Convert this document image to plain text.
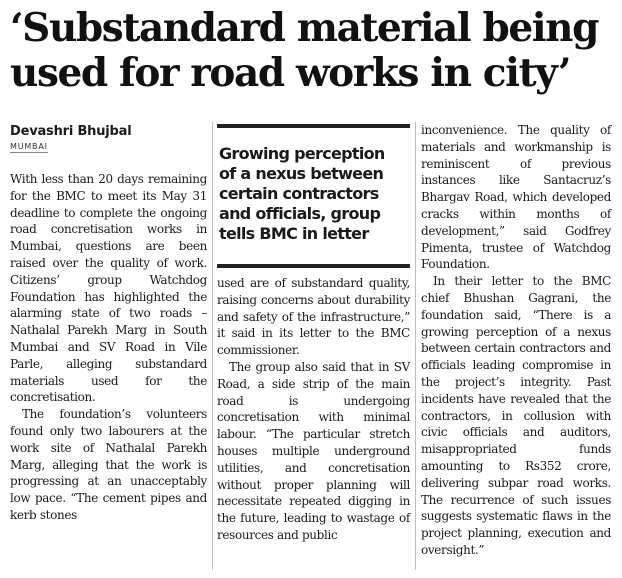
‘Substandard material being
used for road works in city’
Devashri Bhujbal
MUMBAI

With less than 20 days remaining for the BMC to meet its May 31 deadline to complete the ongoing road concretisation works in Mumbai, questions are been raised over the quality of work. Citizens’ group Watchdog Foundation has highlighted the alarming state of two roads – Nathalal Parekh Marg in South Mumbai and SV Road in Vile Parle, alleging substandard materials used for the concretisation.

The foundation’s volunteers found only two labourers at the work site of Nathalal Parekh Marg, alleging that the work is progressing at an unacceptably low pace. “The cement pipes and kerb stones

Growing perception
of a nexus between
certain contractors
and officials, group
tells BMC in letter

used are of substandard quality, raising concerns about durability and safety of the infrastructure,” it said in its letter to the BMC commissioner.

The group also said that in SV Road, a side strip of the main road is undergoing concretisation with minimal labour. “The particular stretch houses multiple underground utilities, and concretisation without proper planning will necessitate repeated digging in the future, leading to wastage of resources and public

inconvenience. The quality of materials and workmanship is reminiscent of previous instances like Santacruz’s Bhargav Road, which developed cracks within months of development,” said Godfrey Pimenta, trustee of Watchdog Foundation.

In their letter to the BMC chief Bhushan Gagrani, the foundation said, “There is a growing perception of a nexus between certain contractors and officials leading compromise in the project’s integrity. Past incidents have revealed that the contractors, in collusion with civic officials and auditors, misappropriated funds amounting to Rs352 crore, delivering subpar road works. The recurrence of such issues suggests systematic flaws in the project planning, execution and oversight.”
